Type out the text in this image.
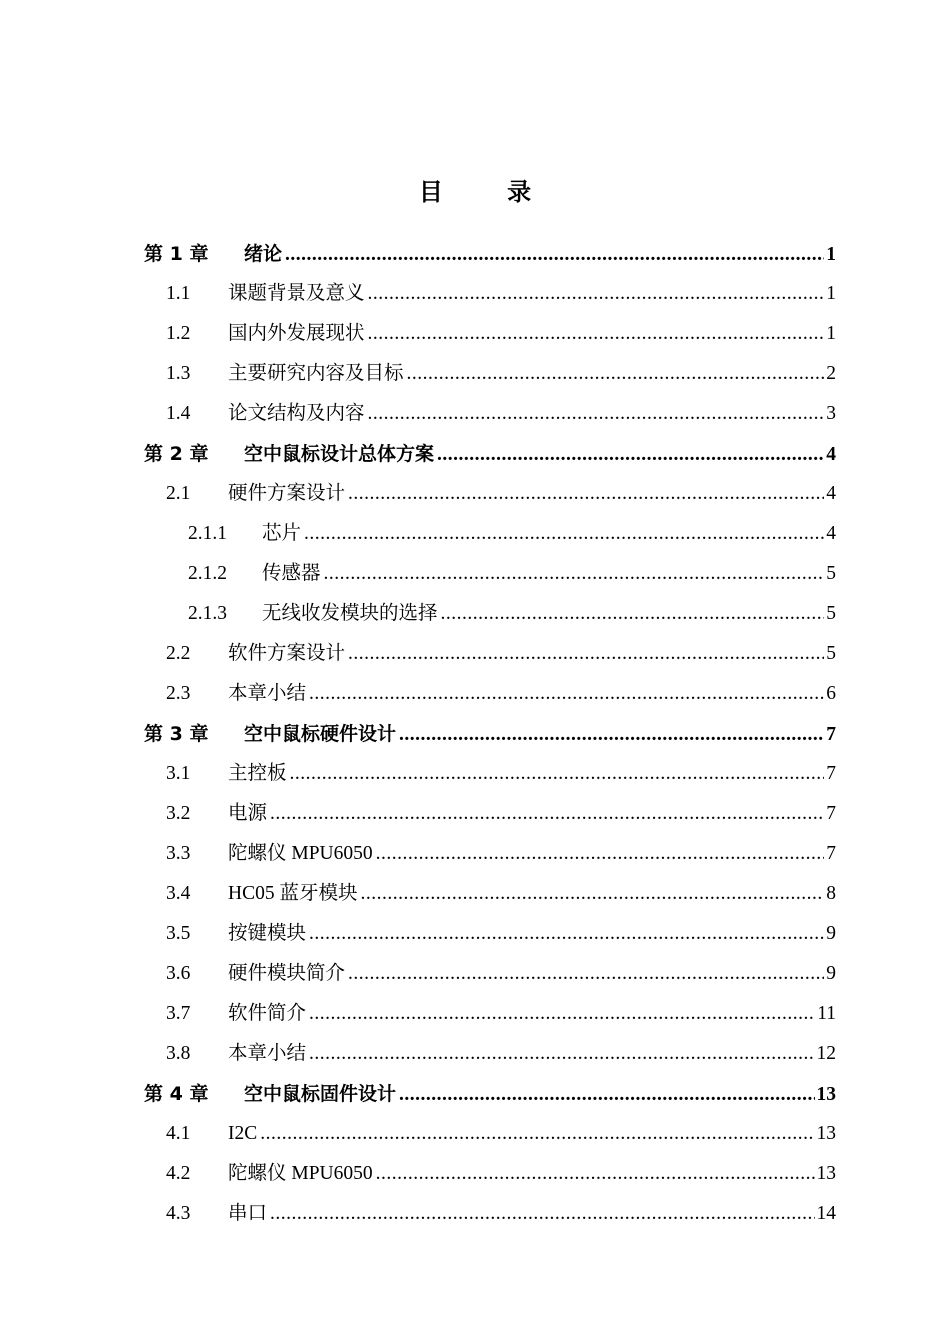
目 录
第 1 章 绪论 .....	1
1.1 课题背景及意义 .....	1
1.2 国内外发展现状 .....	1
1.3 主要研究内容及目标 .....	2
1.4 论文结构及内容 .....	3
第 2 章 空中鼠标设计总体方案 .....	4
2.1 硬件方案设计 .....	4
2.1.1 芯片 .....	4
2.1.2 传感器 .....	5
2.1.3 无线收发模块的选择 .....	5
2.2 软件方案设计 .....	5
2.3 本章小结 .....	6
第 3 章 空中鼠标硬件设计 .....	7
3.1 主控板 .....	7
3.2 电源 .....	7
3.3 陀螺仪 MPU6050 .....	7
3.4 HC05 蓝牙模块 .....	8
3.5 按键模块 .....	9
3.6 硬件模块简介 .....	9
3.7 软件简介 .....	11
3.8 本章小结 .....	12
第 4 章 空中鼠标固件设计 .....	13
4.1 I2C .....	13
4.2 陀螺仪 MPU6050 .....	13
4.3 串口 .....	14
